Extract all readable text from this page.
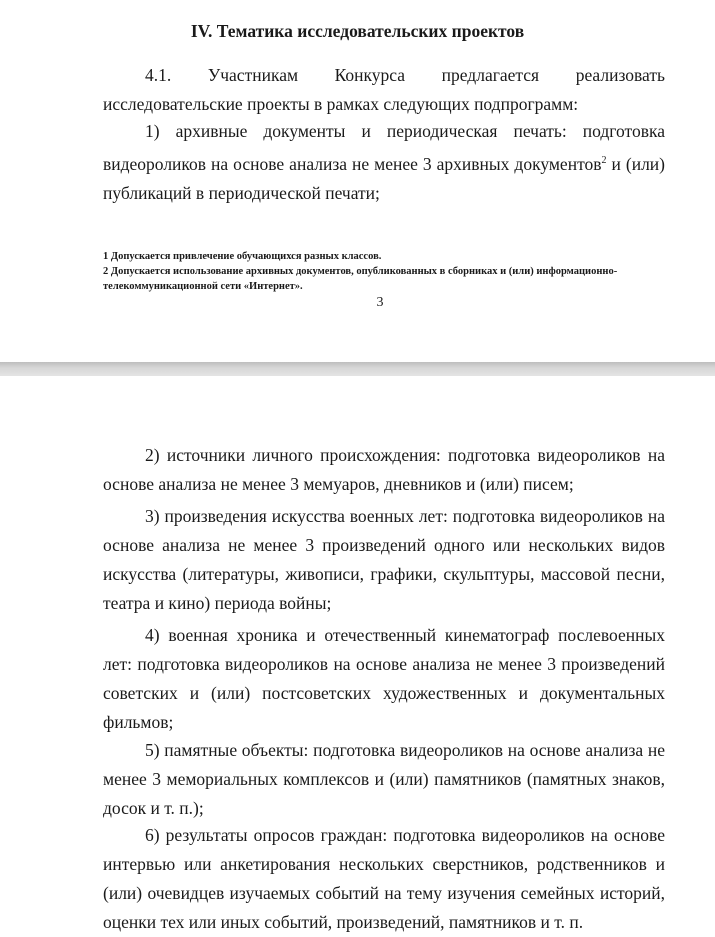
IV. Тематика исследовательских проектов

4.1. Участникам Конкурса предлагается реализовать исследовательские проекты в рамках следующих подпрограмм:

1) архивные документы и периодическая печать: подготовка видеороликов на основе анализа не менее 3 архивных документов$^2$ и (или) публикаций в периодической печати;

1 Допускается привлечение обучающихся разных классов.

2 Допускается использование архивных документов, опубликованных в сборниках и (или) информационно-телекоммуникационной сети «Интернет».

3

2) источники личного происхождения: подготовка видеороликов на основе анализа не менее 3 мемуаров, дневников и (или) писем;

3) произведения искусства военных лет: подготовка видеороликов на основе анализа не менее 3 произведений одного или нескольких видов искусства (литературы, живописи, графики, скульптуры, массовой песни, театра и кино) периода войны;

4) военная хроника и отечественный кинематограф послевоенных лет: подготовка видеороликов на основе анализа не менее 3 произведений советских и (или) постсоветских художественных и документальных фильмов;

5) памятные объекты: подготовка видеороликов на основе анализа не менее 3 мемориальных комплексов и (или) памятников (памятных знаков, досок и т. п.);

6) результаты опросов граждан: подготовка видеороликов на основе интервью или анкетирования нескольких сверстников, родственников и (или) очевидцев изучаемых событий на тему изучения семейных историй, оценки тех или иных событий, произведений, памятников и т. п.
